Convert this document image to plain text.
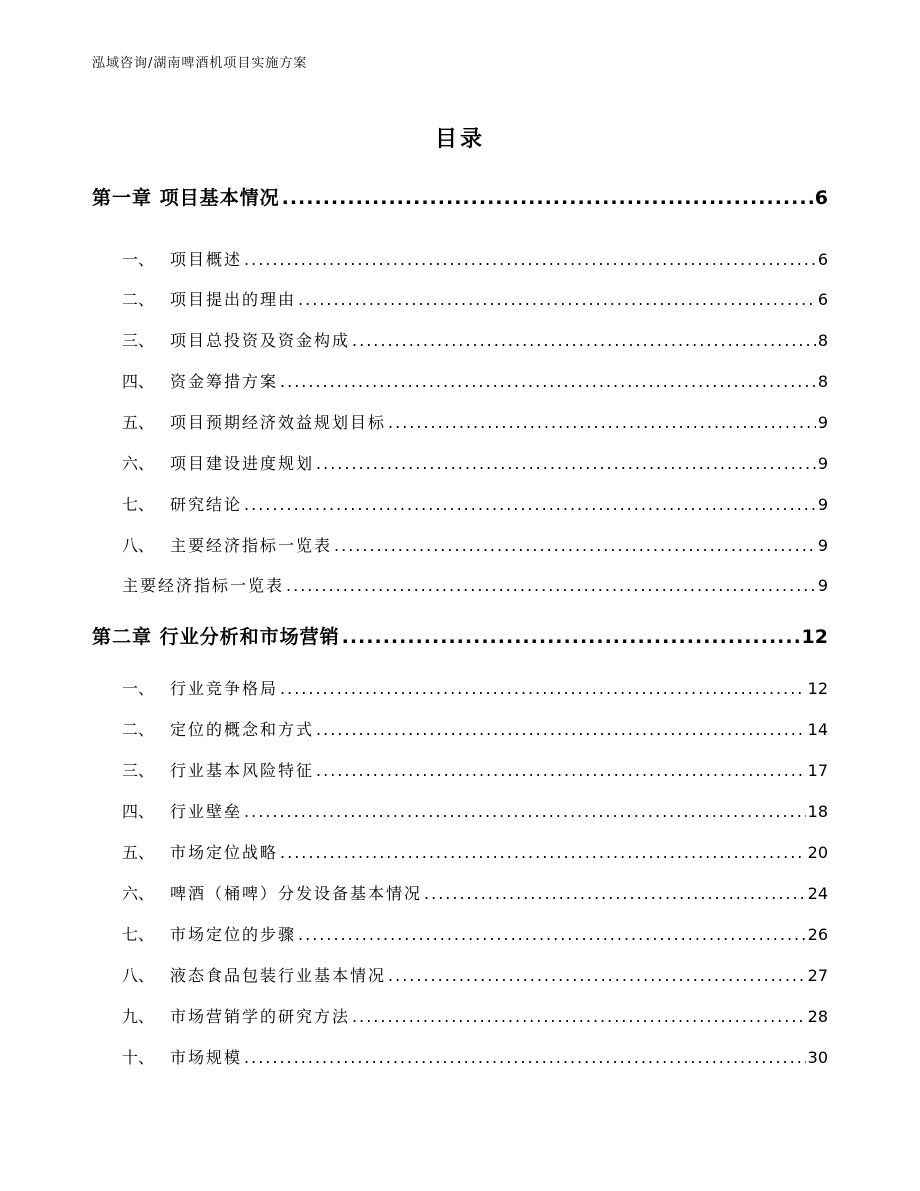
泓域咨询/湖南啤酒机项目实施方案
目录
第一章 项目基本情况 .....	6
一、 项目概述 .....	6
二、 项目提出的理由 .....	6
三、 项目总投资及资金构成 .....	8
四、 资金筹措方案 .....	8
五、 项目预期经济效益规划目标 .....	9
六、 项目建设进度规划 .....	9
七、 研究结论 .....	9
八、 主要经济指标一览表 .....	9
主要经济指标一览表 .....	9
第二章 行业分析和市场营销 .....	12
一、 行业竞争格局 .....	12
二、 定位的概念和方式 .....	14
三、 行业基本风险特征 .....	17
四、 行业壁垒 .....	18
五、 市场定位战略 .....	20
六、 啤酒（桶啤）分发设备基本情况 .....	24
七、 市场定位的步骤 .....	26
八、 液态食品包装行业基本情况 .....	27
九、 市场营销学的研究方法 .....	28
十、 市场规模 .....	30
